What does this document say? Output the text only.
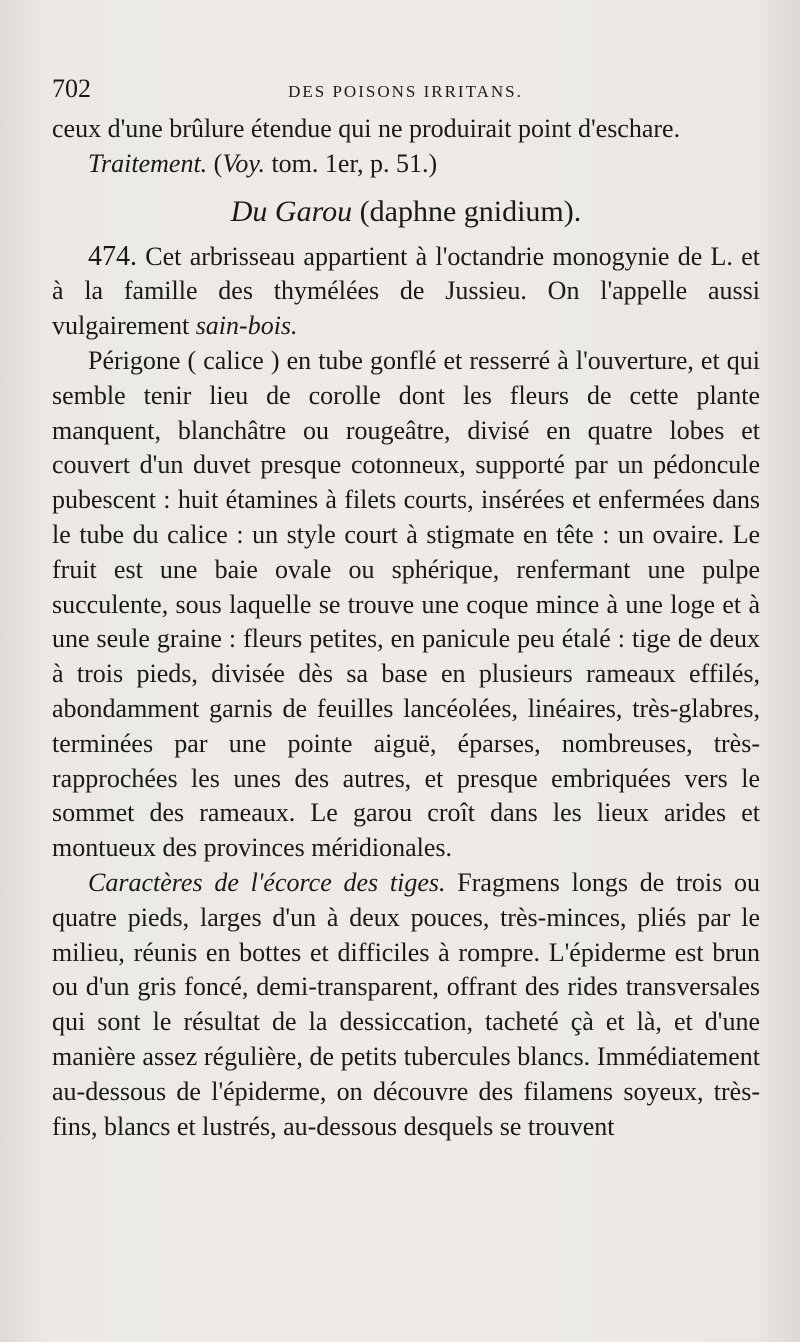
702	DES POISONS IRRITANS.

ceux d'une brûlure étendue qui ne produirait point d'eschare.

Traitement. (Voy. tom. 1er, p. 51.)

Du Garou (daphne gnidium).

474. Cet arbrisseau appartient à l'octandrie monogynie de L. et à la famille des thymélées de Jussieu. On l'appelle aussi vulgairement sain-bois.

Périgone ( calice ) en tube gonflé et resserré à l'ouverture, et qui semble tenir lieu de corolle dont les fleurs de cette plante manquent, blanchâtre ou rougeâtre, divisé en quatre lobes et couvert d'un duvet presque cotonneux, supporté par un pédoncule pubescent : huit étamines à filets courts, insérées et enfermées dans le tube du calice : un style court à stigmate en tête : un ovaire. Le fruit est une baie ovale ou sphérique, renfermant une pulpe succulente, sous laquelle se trouve une coque mince à une loge et à une seule graine : fleurs petites, en panicule peu étalé : tige de deux à trois pieds, divisée dès sa base en plusieurs rameaux effilés, abondamment garnis de feuilles lancéolées, linéaires, très-glabres, terminées par une pointe aiguë, éparses, nombreuses, très-rapprochées les unes des autres, et presque embriquées vers le sommet des rameaux. Le garou croît dans les lieux arides et montueux des provinces méridionales.

Caractères de l'écorce des tiges. Fragmens longs de trois ou quatre pieds, larges d'un à deux pouces, très-minces, pliés par le milieu, réunis en bottes et difficiles à rompre. L'épiderme est brun ou d'un gris foncé, demi-transparent, offrant des rides transversales qui sont le résultat de la dessiccation, tacheté çà et là, et d'une manière assez régulière, de petits tubercules blancs. Immédiatement au-dessous de l'épiderme, on découvre des filamens soyeux, très-fins, blancs et lustrés, au-dessous desquels se trouvent
